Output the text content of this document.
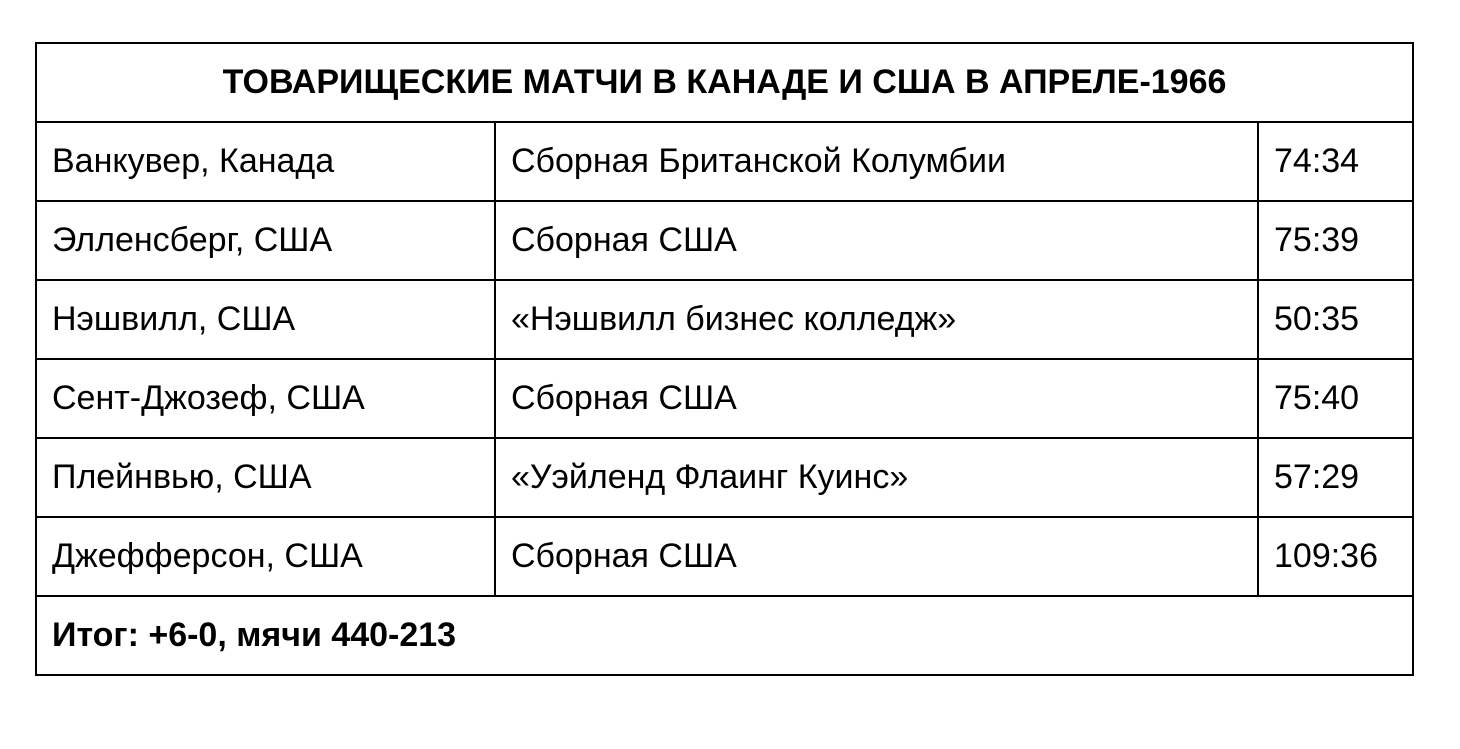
ТОВАРИЩЕСКИЕ МАТЧИ В КАНАДЕ И США В АПРЕЛЕ-1966		
Ванкувер, Канада	Сборная Британской Колумбии	74:34
Элленсберг, США	Сборная США	75:39
Нэшвилл, США	«Нэшвилл бизнес колледж»	50:35
Сент-Джозеф, США	Сборная США	75:40
Плейнвью, США	«Уэйленд Флаинг Куинс»	57:29
Джефферсон, США	Сборная США	109:36
Итог: +6-0, мячи 440-213		
